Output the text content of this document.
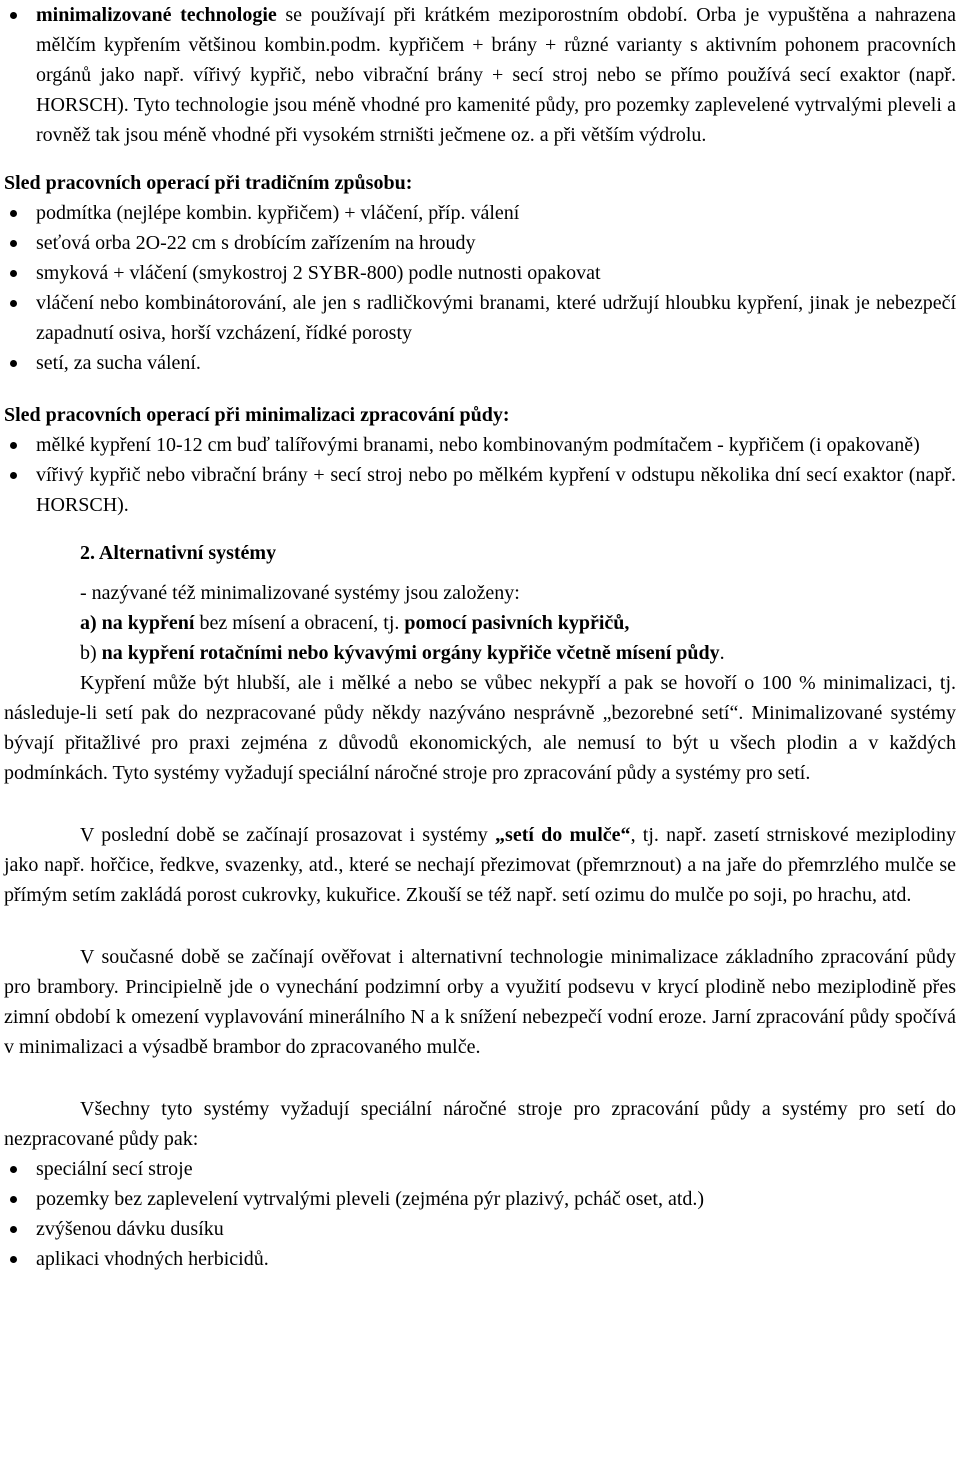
minimalizované technologie se používají při krátkém meziporostním období. Orba je vypuštěna a nahrazena mělčím kypřením většinou kombin.podm. kypřičem + brány + různé varianty s aktivním pohonem pracovních orgánů jako např. vířivý kypřič, nebo vibrační brány + secí stroj nebo se přímo používá secí exaktor (např. HORSCH). Tyto technologie jsou méně vhodné pro kamenité půdy, pro pozemky zaplevelené vytrvalými pleveli a rovněž tak jsou méně vhodné při vysokém strništi ječmene oz. a při větším výdrolu.

Sled pracovních operací při tradičním způsobu:

podmítka (nejlépe kombin. kypřičem) + vláčení, příp. válení
seťová orba 2O-22 cm s drobícím zařízením na hroudy
smyková + vláčení (smykostroj 2 SYBR-800) podle nutnosti opakovat
vláčení nebo kombinátorování, ale jen s radličkovými branami, které udržují hloubku kypření, jinak je nebezpečí zapadnutí osiva, horší vzcházení, řídké porosty
setí, za sucha válení.

Sled pracovních operací při minimalizaci zpracování půdy:

mělké kypření 10-12 cm buď talířovými branami, nebo kombinovaným podmítačem - kypřičem (i opakovaně)
vířivý kypřič nebo vibrační brány + secí stroj nebo po mělkém kypření v odstupu několika dní secí exaktor (např. HORSCH).

2. Alternativní systémy

- nazývané též minimalizované systémy jsou založeny:

a) na kypření bez mísení a obracení, tj. pomocí pasivních kypřičů,

b) na kypření rotačními nebo kývavými orgány kypřiče včetně mísení půdy.

Kypření může být hlubší, ale i mělké a nebo se vůbec nekypří a pak se hovoří o 100 % minimalizaci, tj. následuje-li setí pak do nezpracované půdy někdy nazýváno nesprávně „bezorebné setí“. Minimalizované systémy bývají přitažlivé pro praxi zejména z důvodů ekonomických, ale nemusí to být u všech plodin a v každých podmínkách. Tyto systémy vyžadují speciální náročné stroje pro zpracování půdy a systémy pro setí.

V poslední době se začínají prosazovat i systémy „setí do mulče“, tj. např. zasetí strniskové meziplodiny jako např. hořčice, ředkve, svazenky, atd., které se nechají přezimovat (přemrznout) a na jaře do přemrzlého mulče se přímým setím zakládá porost cukrovky, kukuřice. Zkouší se též např. setí ozimu do mulče po soji, po hrachu, atd.

V současné době se začínají ověřovat i alternativní technologie minimalizace základního zpracování půdy pro brambory. Principielně jde o vynechání podzimní orby a využití podsevu v krycí plodině nebo meziplodině přes zimní období k omezení vyplavování minerálního N a k snížení nebezpečí vodní eroze. Jarní zpracování půdy spočívá v minimalizaci a výsadbě brambor do zpracovaného mulče.

Všechny tyto systémy vyžadují speciální náročné stroje pro zpracování půdy a systémy pro setí do nezpracované půdy pak:

speciální secí stroje
pozemky bez zaplevelení vytrvalými pleveli (zejména pýr plazivý, pcháč oset, atd.)
zvýšenou dávku dusíku
aplikaci vhodných herbicidů.
